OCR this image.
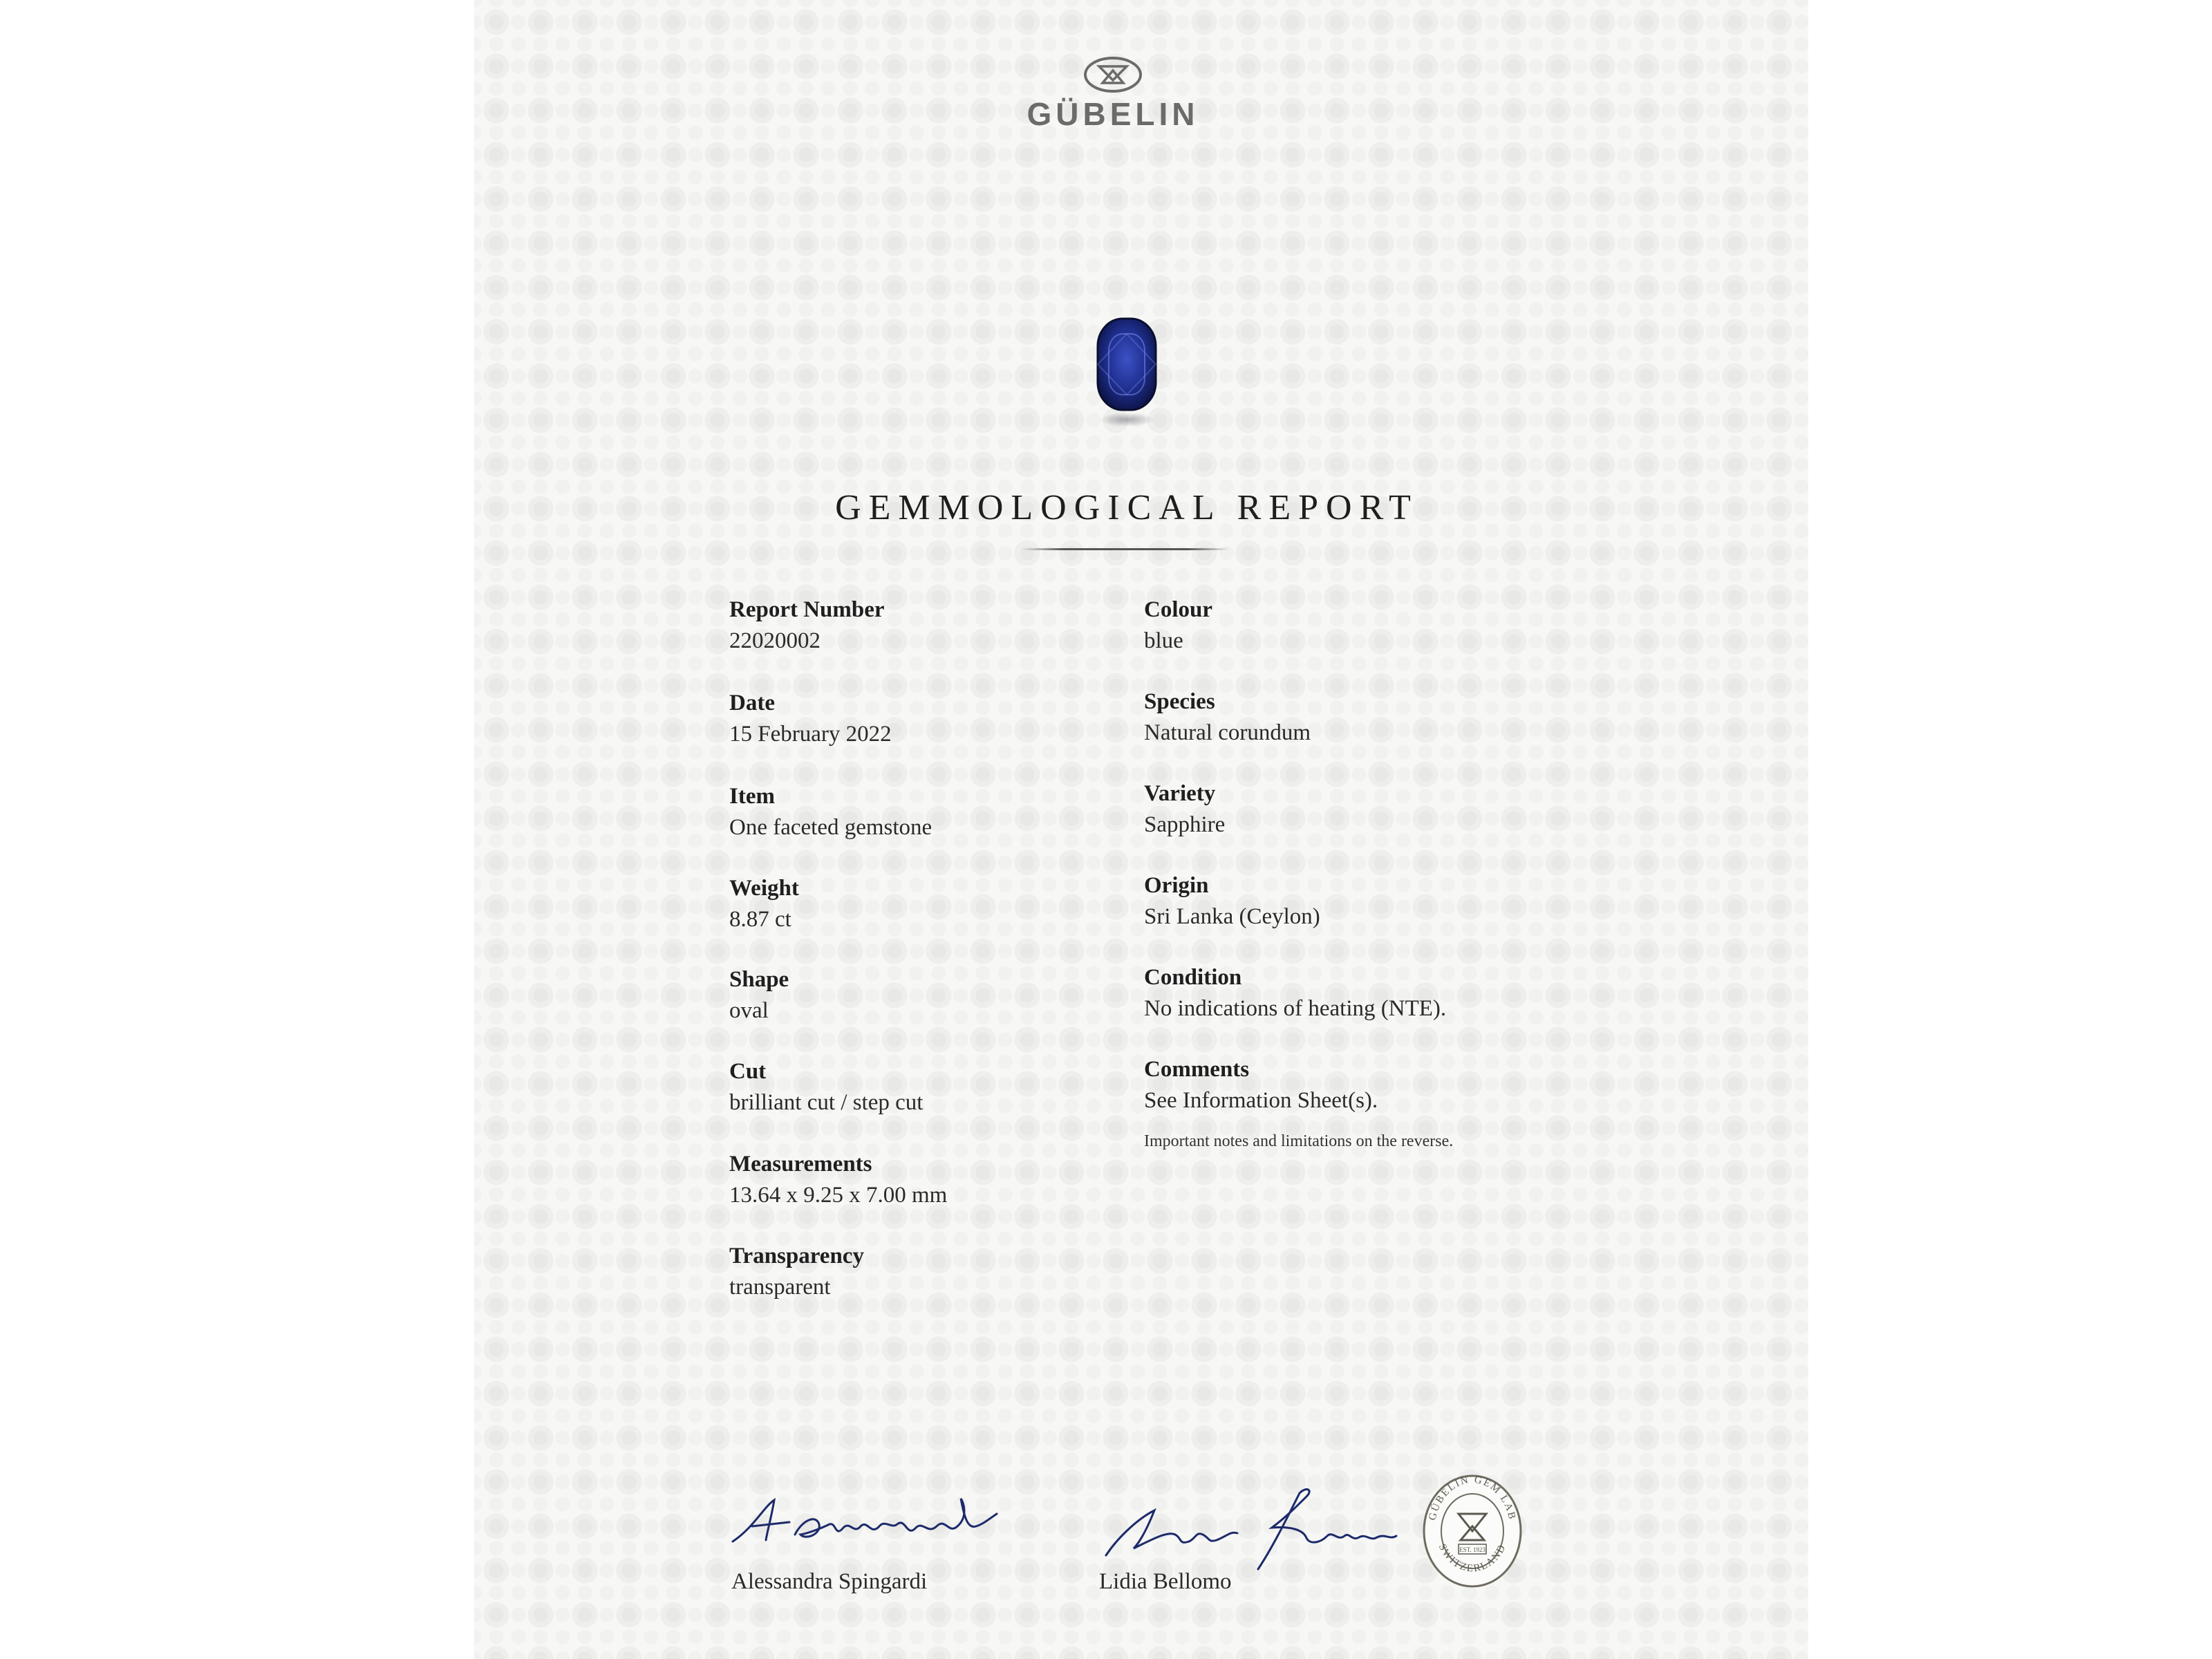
GÜBELIN
GEMMOLOGICAL REPORT
Report Number
22020002
Date
15 February 2022
Item
One faceted gemstone
Weight
8.87 ct
Shape
oval
Cut
brilliant cut / step cut
Measurements
13.64 x 9.25 x 7.00 mm
Transparency
transparent
Colour
blue
Species
Natural corundum
Variety
Sapphire
Origin
Sri Lanka (Ceylon)
Condition
No indications of heating (NTE).
Comments
See Information Sheet(s).
Important notes and limitations on the reverse.
Alessandra Spingardi	Lidia Bellomo
GÜBELIN GEM LAB
SWITZERLAND
EST. 1923
